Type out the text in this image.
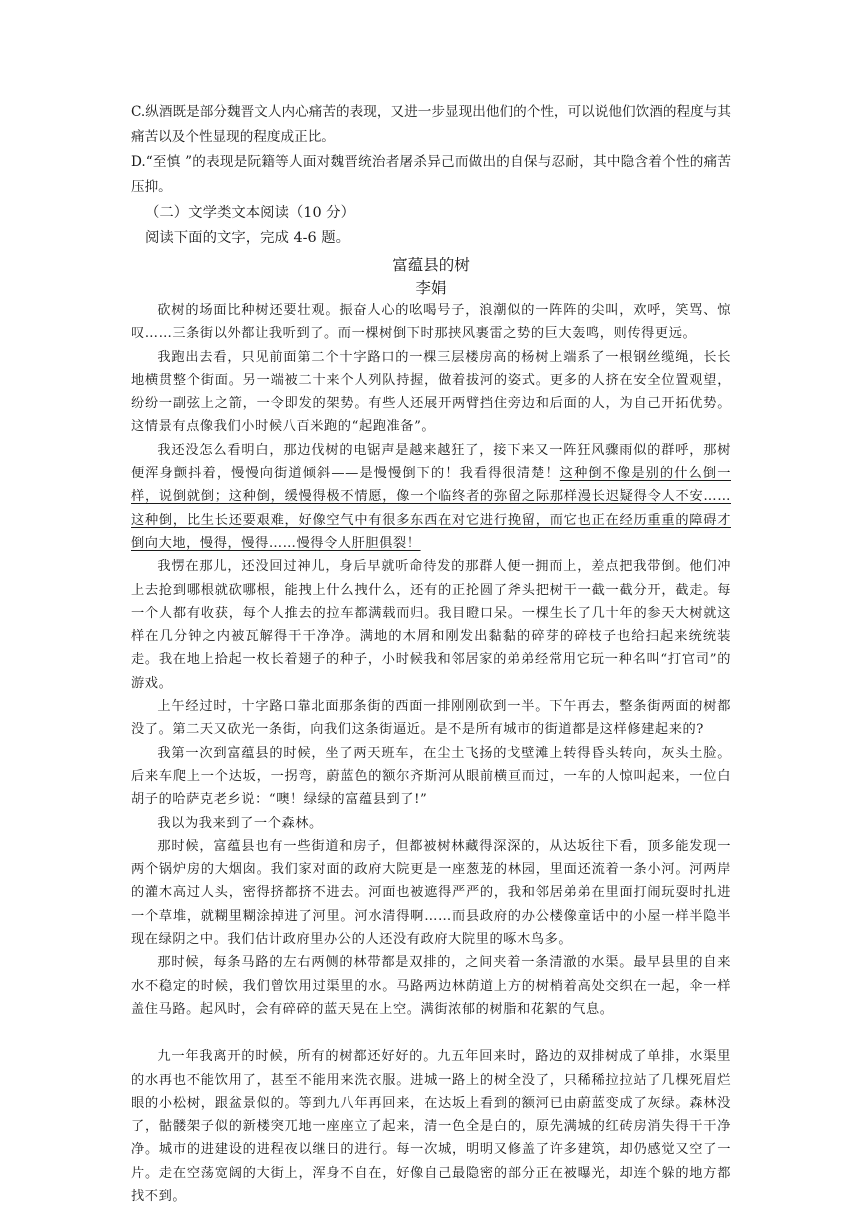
C.纵酒既是部分魏晋文人内心痛苦的表现，又进一步显现出他们的个性，可以说他们饮酒的程度与其痛苦以及个性显现的程度成正比。

D.“至慎 ”的表现是阮籍等人面对魏晋统治者屠杀异己而做出的自保与忍耐，其中隐含着个性的痛苦压抑。

（二）文学类文本阅读（10 分）

阅读下面的文字，完成 4-6 题。

富蕴县的树

李娟

砍树的场面比种树还要壮观。振奋人心的吆喝号子，浪潮似的一阵阵的尖叫，欢呼，笑骂、惊叹……三条街以外都让我听到了。而一棵树倒下时那挟风裹雷之势的巨大轰鸣，则传得更远。

我跑出去看，只见前面第二个十字路口的一棵三层楼房高的杨树上端系了一根钢丝缆绳，长长地横贯整个街面。另一端被二十来个人列队持握，做着拔河的姿式。更多的人挤在安全位置观望，纷纷一副弦上之箭，一令即发的架势。有些人还展开两臂挡住旁边和后面的人，为自己开拓优势。这情景有点像我们小时候八百米跑的“起跑准备”。

我还没怎么看明白，那边伐树的电锯声是越来越狂了，接下来又一阵狂风骤雨似的群呼，那树便浑身颤抖着，慢慢向街道倾斜——是慢慢倒下的！我看得很清楚！这种倒不像是别的什么倒一样，说倒就倒；这种倒，缓慢得极不情愿，像一个临终者的弥留之际那样漫长迟疑得令人不安……这种倒，比生长还要艰难，好像空气中有很多东西在对它进行挽留，而它也正在经历重重的障碍才倒向大地，慢得，慢得……慢得令人肝胆俱裂！

我愣在那儿，还没回过神儿，身后早就听命待发的那群人便一拥而上，差点把我带倒。他们冲上去抢到哪根就砍哪根，能拽上什么拽什么，还有的正抡圆了斧头把树干一截一截分开，截走。每一个人都有收获，每个人推去的拉车都满载而归。我目瞪口呆。一棵生长了几十年的参天大树就这样在几分钟之内被瓦解得干干净净。满地的木屑和刚发出黏黏的碎芽的碎枝子也给扫起来统统装走。我在地上拾起一枚长着翅子的种子，小时候我和邻居家的弟弟经常用它玩一种名叫“打官司”的游戏。

上午经过时，十字路口靠北面那条街的西面一排刚刚砍到一半。下午再去，整条街两面的树都没了。第二天又砍光一条街，向我们这条街逼近。是不是所有城市的街道都是这样修建起来的?

我第一次到富蕴县的时候，坐了两天班车，在尘土飞扬的戈壁滩上转得昏头转向，灰头土脸。后来车爬上一个达坂，一拐弯，蔚蓝色的额尔齐斯河从眼前横亘而过，一车的人惊叫起来，一位白胡子的哈萨克老乡说：“噢！绿绿的富蕴县到了!”

我以为我来到了一个森林。

那时候，富蕴县也有一些街道和房子，但都被树林藏得深深的，从达坂往下看，顶多能发现一两个锅炉房的大烟囱。我们家对面的政府大院更是一座葱茏的林园，里面还流着一条小河。河两岸的灌木高过人头，密得挤都挤不进去。河面也被遮得严严的，我和邻居弟弟在里面打闹玩耍时扎进一个草堆，就糊里糊涂掉进了河里。河水清得啊……而县政府的办公楼像童话中的小屋一样半隐半现在绿阴之中。我们估计政府里办公的人还没有政府大院里的啄木鸟多。

那时候，每条马路的左右两侧的林带都是双排的，之间夹着一条清澈的水渠。最早县里的自来水不稳定的时候，我们曾饮用过渠里的水。马路两边林荫道上方的树梢着高处交织在一起，伞一样盖住马路。起风时，会有碎碎的蓝天晃在上空。满街浓郁的树脂和花絮的气息。

九一年我离开的时候，所有的树都还好好的。九五年回来时，路边的双排树成了单排，水渠里的水再也不能饮用了，甚至不能用来洗衣服。进城一路上的树全没了，只稀稀拉拉站了几棵死眉烂眼的小松树，跟盆景似的。等到九八年再回来，在达坂上看到的额河已由蔚蓝变成了灰绿。森林没了，骷髅架子似的新楼突兀地一座座立了起来，清一色全是白的，原先满城的红砖房消失得干干净净。城市的进建设的进程夜以继日的进行。每一次城，明明又修盖了许多建筑，却仍感觉又空了一片。走在空荡宽阔的大街上，浑身不自在，好像自己最隐密的部分正在被曝光，却连个躲的地方都找不到。
